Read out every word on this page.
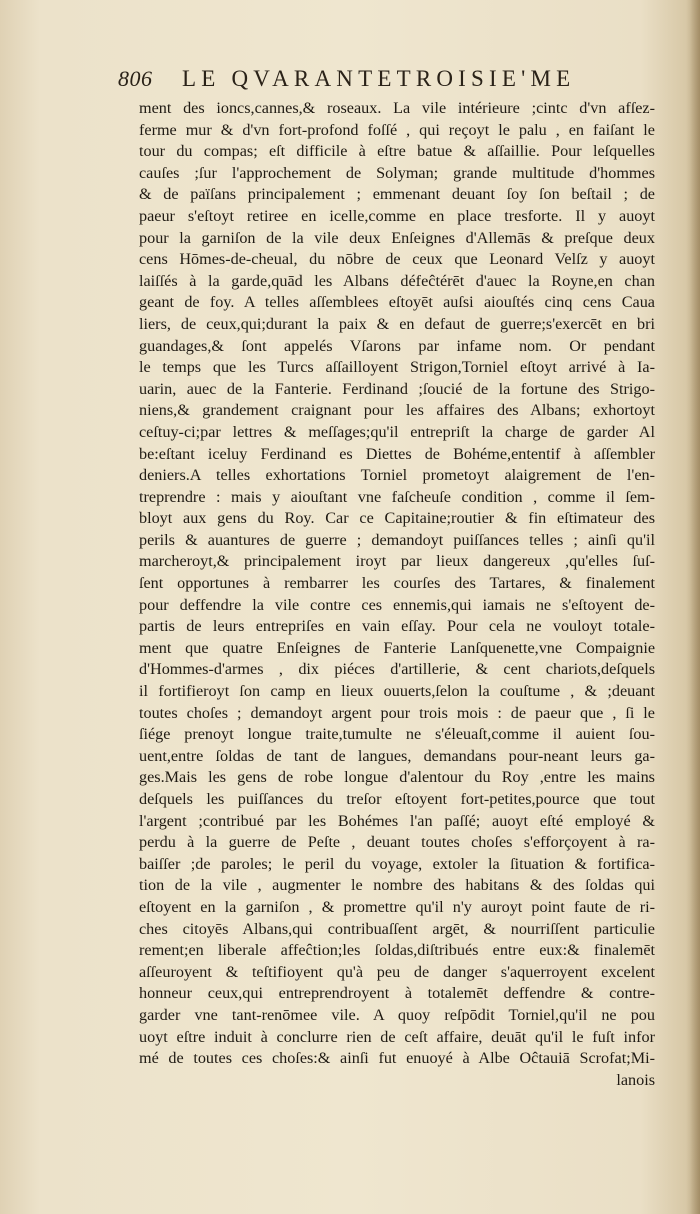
806 LE QVARANTETROISIE'ME
ment des ioncs,cannes,& roseaux. La vile intérieure ;cintc d'vn afſez-
ferme mur & d'vn fort-profond foſſé , qui reçoyt le palu , en faiſant le
tour du compas; eſt difficile à eſtre batue & aſſaillie. Pour leſquelles
cauſes ;ſur l'approchement de Solyman; grande multitude d'hommes
& de païſans principalement ; emmenant deuant ſoy ſon beſtail ; de
paeur s'eſtoyt retiree en icelle,comme en place tresforte. Il y auoyt
pour la garniſon de la vile deux Enſeignes d'Allemās & preſque deux
cens Hōmes-de-cheual, du nōbre de ceux que Leonard Velſz y auoyt
laiſſés à la garde,quād les Albans défeĉtérēt d'auec la Royne,en chan
geant de foy. A telles aſſemblees eſtoyēt auſsi aiouſtés cinq cens Caua
liers, de ceux,qui;durant la paix & en defaut de guerre;s'exercēt en bri
guandages,& ſont appelés Vſarons par infame nom. Or pendant
le temps que les Turcs aſſailloyent Strigon,Torniel eſtoyt arrivé à Ia-
uarin, auec de la Fanterie. Ferdinand ;ſoucié de la fortune des Strigo-
niens,& grandement craignant pour les affaires des Albans; exhortoyt
ceſtuy-ci;par lettres & meſſages;qu'il entrepriſt la charge de garder Al
be:eſtant iceluy Ferdinand es Diettes de Bohéme,ententif à aſſembler
deniers.A telles exhortations Torniel prometoyt alaigrement de l'en-
treprendre : mais y aiouſtant vne faſcheuſe condition , comme il ſem-
bloyt aux gens du Roy. Car ce Capitaine;routier & fin eſtimateur des
perils & auantures de guerre ; demandoyt puiſſances telles ; ainſi qu'il
marcheroyt,& principalement iroyt par lieux dangereux ,qu'elles ſuſ-
ſent opportunes à rembarrer les courſes des Tartares, & finalement
pour deffendre la vile contre ces ennemis,qui iamais ne s'eſtoyent de-
partis de leurs entrepriſes en vain eſſay. Pour cela ne vouloyt totale-
ment que quatre Enſeignes de Fanterie Lanſquenette,vne Compaignie
d'Hommes-d'armes , dix piéces d'artillerie, & cent chariots,deſquels
il fortifieroyt ſon camp en lieux ouuerts,ſelon la couſtume , & ;deuant
toutes choſes ; demandoyt argent pour trois mois : de paeur que , ſi le
ſiége prenoyt longue traite,tumulte ne s'éleuaſt,comme il auient ſou-
uent,entre ſoldas de tant de langues, demandans pour-neant leurs ga-
ges.Mais les gens de robe longue d'alentour du Roy ,entre les mains
deſquels les puiſſances du treſor eſtoyent fort-petites,pource que tout
l'argent ;contribué par les Bohémes l'an paſſé; auoyt eſté employé &
perdu à la guerre de Peſte , deuant toutes choſes s'efforçoyent à ra-
baiſſer ;de paroles; le peril du voyage, extoler la ſituation & fortifica-
tion de la vile , augmenter le nombre des habitans & des ſoldas qui
eſtoyent en la garniſon , & promettre qu'il n'y auroyt point faute de ri-
ches citoyēs Albans,qui contribuaſſent argēt, & nourriſſent particulie
rement;en liberale affeĉtion;les ſoldas,diſtribués entre eux:& finalemēt
aſſeuroyent & teſtifioyent qu'à peu de danger s'aquerroyent excelent
honneur ceux,qui entreprendroyent à totalemēt deffendre & contre-
garder vne tant-renōmee vile. A quoy reſpōdit Torniel,qu'il ne pou
uoyt eſtre induit à conclurre rien de ceſt affaire, deuāt qu'il le fuſt infor
mé de toutes ces choſes:& ainſi fut enuoyé à Albe Oĉtauiā Scrofat;Mi-
lanois
